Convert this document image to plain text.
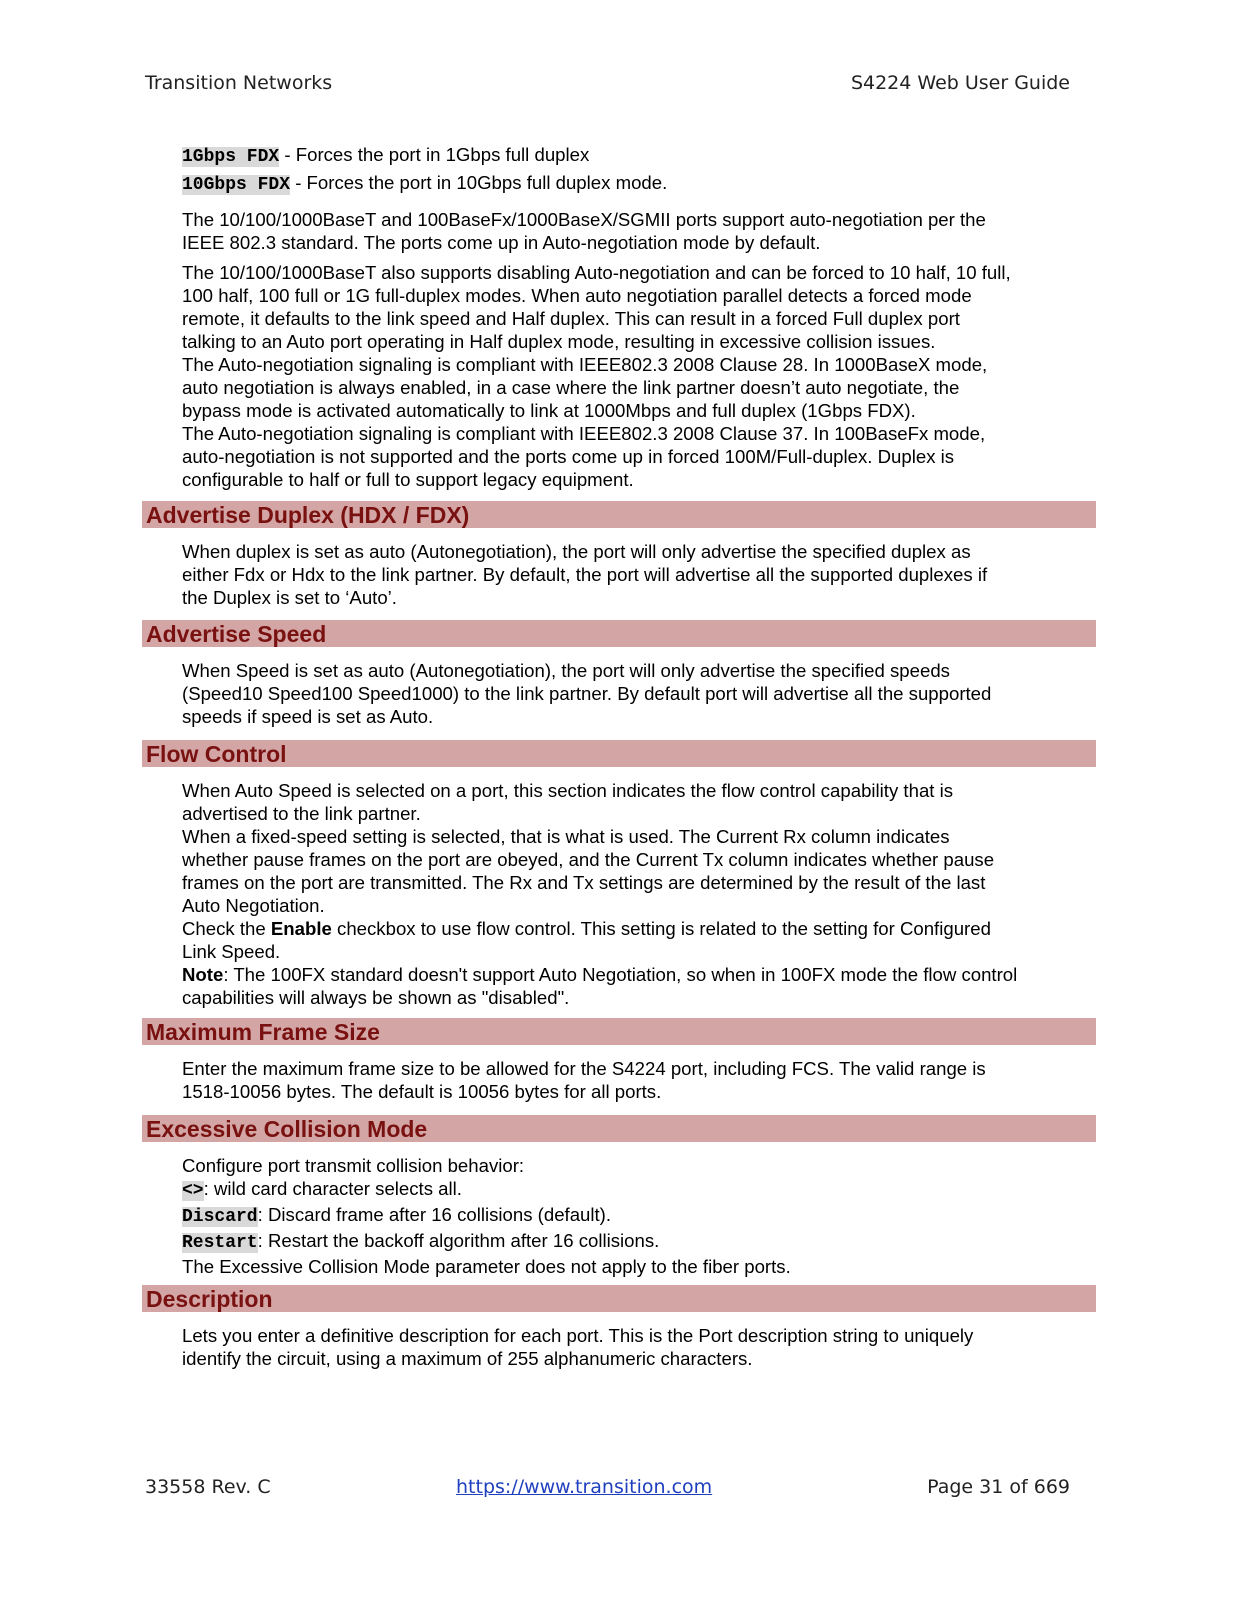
Transition Networks	S4224 Web User Guide
1Gbps FDX - Forces the port in 1Gbps full duplex
10Gbps FDX - Forces the port in 10Gbps full duplex mode.
The 10/100/1000BaseT and 100BaseFx/1000BaseX/SGMII ports support auto-negotiation per the
IEEE 802.3 standard. The ports come up in Auto-negotiation mode by default.
The 10/100/1000BaseT also supports disabling Auto-negotiation and can be forced to 10 half, 10 full,
100 half, 100 full or 1G full-duplex modes. When auto negotiation parallel detects a forced mode
remote, it defaults to the link speed and Half duplex. This can result in a forced Full duplex port
talking to an Auto port operating in Half duplex mode, resulting in excessive collision issues.
The Auto-negotiation signaling is compliant with IEEE802.3 2008 Clause 28. In 1000BaseX mode,
auto negotiation is always enabled, in a case where the link partner doesn’t auto negotiate, the
bypass mode is activated automatically to link at 1000Mbps and full duplex (1Gbps FDX).
The Auto-negotiation signaling is compliant with IEEE802.3 2008 Clause 37. In 100BaseFx mode,
auto-negotiation is not supported and the ports come up in forced 100M/Full-duplex. Duplex is
configurable to half or full to support legacy equipment.
Advertise Duplex (HDX / FDX)
When duplex is set as auto (Autonegotiation), the port will only advertise the specified duplex as
either Fdx or Hdx to the link partner. By default, the port will advertise all the supported duplexes if
the Duplex is set to ‘Auto’.
Advertise Speed
When Speed is set as auto (Autonegotiation), the port will only advertise the specified speeds
(Speed10 Speed100 Speed1000) to the link partner. By default port will advertise all the supported
speeds if speed is set as Auto.
Flow Control
When Auto Speed is selected on a port, this section indicates the flow control capability that is
advertised to the link partner.
When a fixed-speed setting is selected, that is what is used. The Current Rx column indicates
whether pause frames on the port are obeyed, and the Current Tx column indicates whether pause
frames on the port are transmitted. The Rx and Tx settings are determined by the result of the last
Auto Negotiation.
Check the Enable checkbox to use flow control. This setting is related to the setting for Configured
Link Speed.
Note: The 100FX standard doesn't support Auto Negotiation, so when in 100FX mode the flow control
capabilities will always be shown as "disabled".
Maximum Frame Size
Enter the maximum frame size to be allowed for the S4224 port, including FCS. The valid range is
1518-10056 bytes. The default is 10056 bytes for all ports.
Excessive Collision Mode
Configure port transmit collision behavior:
<>: wild card character selects all.
Discard: Discard frame after 16 collisions (default).
Restart: Restart the backoff algorithm after 16 collisions.
The Excessive Collision Mode parameter does not apply to the fiber ports.
Description
Lets you enter a definitive description for each port. This is the Port description string to uniquely
identify the circuit, using a maximum of 255 alphanumeric characters.
33558 Rev. C	https://www.transition.com	Page 31 of 669
